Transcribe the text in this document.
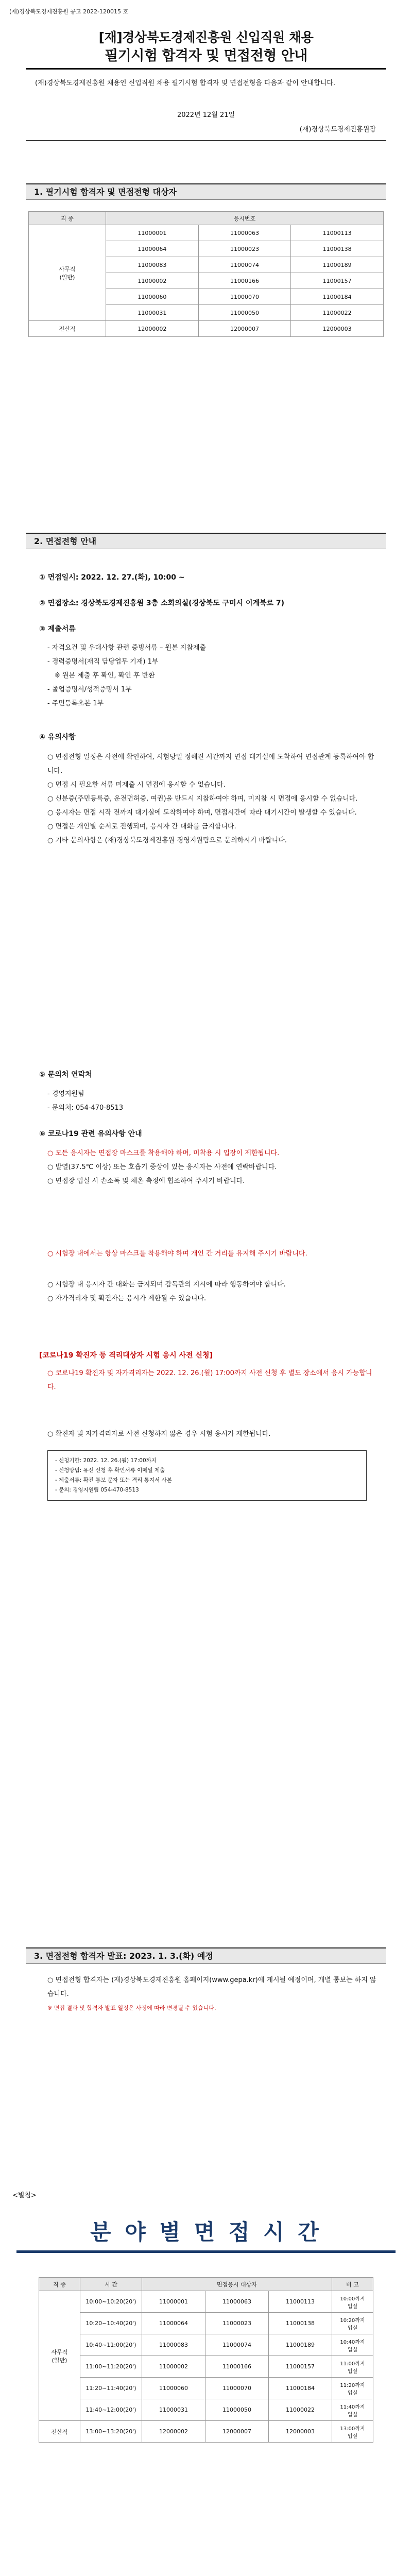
(재)경상북도경제진흥원 공고 2022-120015 호
[재]경상북도경제진흥원 신입직원 채용
필기시험 합격자 및 면접전형 안내
(재)경상북도경제진흥원 채용인 신입직원 채용 필기시험 합격자 및 면접전형을 다음과 같이 안내합니다.
2022년 12월 21일
(재)경상북도경제진흥원장
1. 필기시험 합격자 및 면접전형 대상자
직 종	응시번호		
사무직
(일반)	11000001	11000063	11000113
	11000064	11000023	11000138
	11000083	11000074	11000189
	11000002	11000166	11000157
	11000060	11000070	11000184
	11000031	11000050	11000022
전산직	12000002	12000007	12000003
2. 면접전형 안내
① 면접일시: 2022. 12. 27.(화), 10:00 ~
② 면접장소: 경상북도경제진흥원 3층 소회의실(경상북도 구미시 이계북로 7)
③ 제출서류
- 자격요건 및 우대사항 관련 증빙서류 – 원본 지참제출
- 경력증명서(재직 담당업무 기재) 1부
※ 원본 제출 후 확인, 확인 후 반환
- 졸업증명서/성적증명서 1부
- 주민등록초본 1부
④ 유의사항
○ 면접전형 일정은 사전에 확인하여, 시험당일 정해진 시간까지 면접 대기실에 도착하여 면접관계 등록하여야 합니다.
○ 면접 시 필요한 서류 미제출 시 면접에 응시할 수 없습니다.
○ 신분증(주민등록증, 운전면허증, 여권)을 반드시 지참하여야 하며, 미지참 시 면접에 응시할 수 없습니다.
○ 응시자는 면접 시작 전까지 대기실에 도착하여야 하며, 면접시간에 따라 대기시간이 발생할 수 있습니다.
○ 면접은 개인별 순서로 진행되며, 응시자 간 대화를 금지합니다.
○ 기타 문의사항은 (재)경상북도경제진흥원 경영지원팀으로 문의하시기 바랍니다.
⑤ 문의처 연락처
- 경영지원팀
- 문의처: 054-470-8513
⑥ 코로나19 관련 유의사항 안내
○ 모든 응시자는 면접장 마스크를 착용해야 하며, 미착용 시 입장이 제한됩니다.
○ 발열(37.5℃ 이상) 또는 호흡기 증상이 있는 응시자는 사전에 연락바랍니다.
○ 면접장 입실 시 손소독 및 체온 측정에 협조하여 주시기 바랍니다.
○ 시험장 내에서는 항상 마스크를 착용해야 하며 개인 간 거리를 유지해 주시기 바랍니다.
○ 시험장 내 응시자 간 대화는 금지되며 감독관의 지시에 따라 행동하여야 합니다.
○ 자가격리자 및 확진자는 응시가 제한될 수 있습니다.
[코로나19 확진자 등 격리대상자 시험 응시 사전 신청]
○ 코로나19 확진자 및 자가격리자는 2022. 12. 26.(월) 17:00까지 사전 신청 후 별도 장소에서 응시 가능합니다.
○ 확진자 및 자가격리자로 사전 신청하지 않은 경우 시험 응시가 제한됩니다.
- 신청기한: 2022. 12. 26.(월) 17:00까지
- 신청방법: 유선 신청 후 확인서류 이메일 제출
- 제출서류: 확진 통보 문자 또는 격리 통지서 사본
- 문의: 경영지원팀 054-470-8513
3. 면접전형 합격자 발표: 2023. 1. 3.(화) 예정
○ 면접전형 합격자는 (재)경상북도경제진흥원 홈페이지(www.gepa.kr)에 게시될 예정이며, 개별 통보는 하지 않습니다.
※ 면접 결과 및 합격자 발표 일정은 사정에 따라 변경될 수 있습니다.
<별첨>
분 야 별 면 접 시 간
직 종	시 간	면접응시 대상자			비 고
사무직
(일반)	10:00~10:20(20')	11000001	11000063	11000113	10:00까지
입실
	10:20~10:40(20')	11000064	11000023	11000138	10:20까지
입실
	10:40~11:00(20')	11000083	11000074	11000189	10:40까지
입실
	11:00~11:20(20')	11000002	11000166	11000157	11:00까지
입실
	11:20~11:40(20')	11000060	11000070	11000184	11:20까지
입실
	11:40~12:00(20')	11000031	11000050	11000022	11:40까지
입실
전산직	13:00~13:20(20')	12000002	12000007	12000003	13:00까지
입실
